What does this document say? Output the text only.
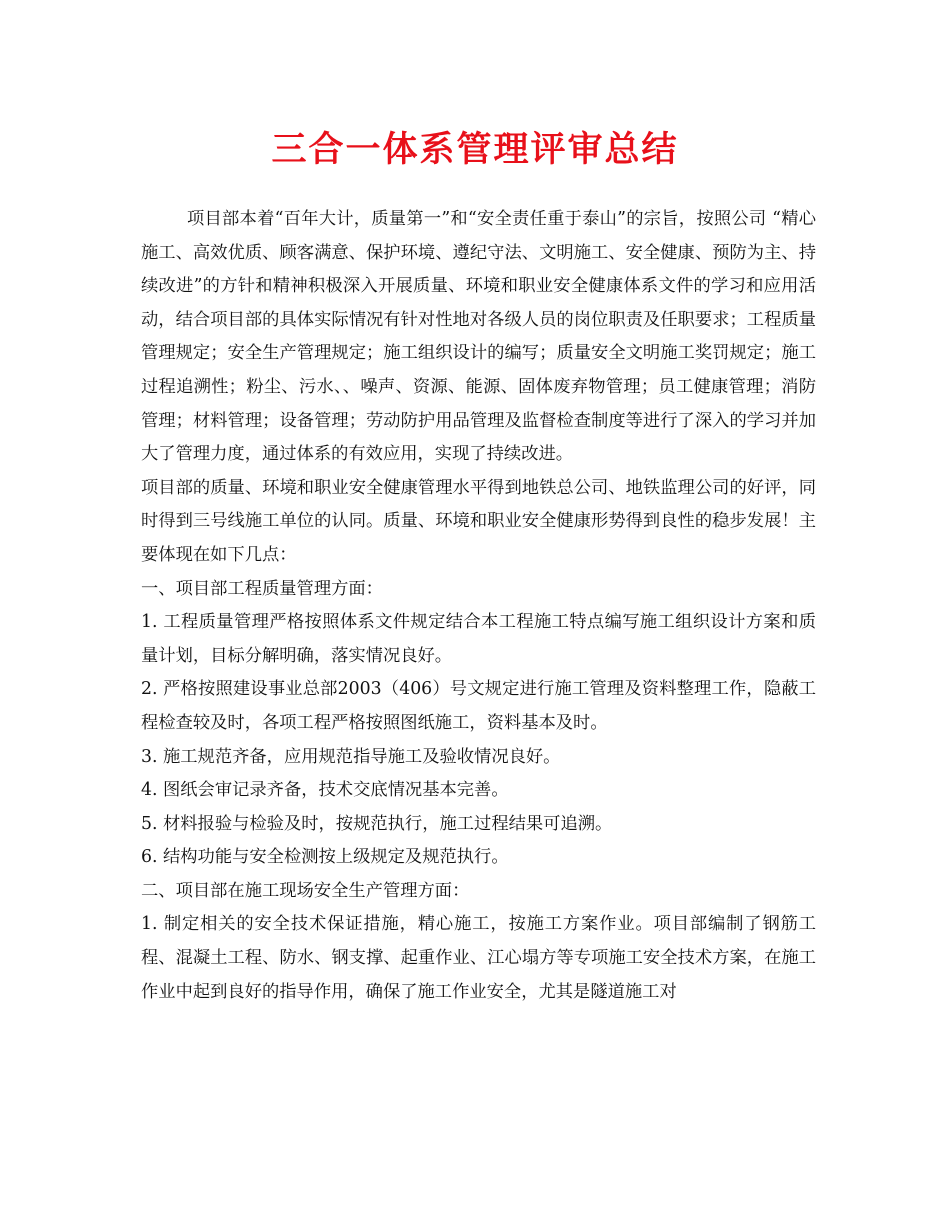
三合一体系管理评审总结

项目部本着“百年大计，质量第一”和“安全责任重于泰山”的宗旨，按照公司 “精心施工、高效优质、顾客满意、保护环境、遵纪守法、文明施工、安全健康、预防为主、持续改进”的方针和精神积极深入开展质量、环境和职业安全健康体系文件的学习和应用活动，结合项目部的具体实际情况有针对性地对各级人员的岗位职责及任职要求；工程质量管理规定；安全生产管理规定；施工组织设计的编写；质量安全文明施工奖罚规定；施工过程追溯性；粉尘、污水、、噪声、资源、能源、固体废弃物管理；员工健康管理；消防管理；材料管理；设备管理；劳动防护用品管理及监督检查制度等进行了深入的学习并加大了管理力度，通过体系的有效应用，实现了持续改进。

项目部的质量、环境和职业安全健康管理水平得到地铁总公司、地铁监理公司的好评，同时得到三号线施工单位的认同。质量、环境和职业安全健康形势得到良性的稳步发展！主要体现在如下几点：

一、项目部工程质量管理方面：

1. 工程质量管理严格按照体系文件规定结合本工程施工特点编写施工组织设计方案和质量计划，目标分解明确，落实情况良好。

2. 严格按照建设事业总部2003（406）号文规定进行施工管理及资料整理工作，隐蔽工程检查较及时，各项工程严格按照图纸施工，资料基本及时。

3. 施工规范齐备，应用规范指导施工及验收情况良好。

4. 图纸会审记录齐备，技术交底情况基本完善。

5. 材料报验与检验及时，按规范执行，施工过程结果可追溯。

6. 结构功能与安全检测按上级规定及规范执行。

二、项目部在施工现场安全生产管理方面：

1. 制定相关的安全技术保证措施，精心施工，按施工方案作业。项目部编制了钢筋工程、混凝土工程、防水、钢支撑、起重作业、江心塌方等专项施工安全技术方案，在施工作业中起到良好的指导作用，确保了施工作业安全，尤其是隧道施工对
